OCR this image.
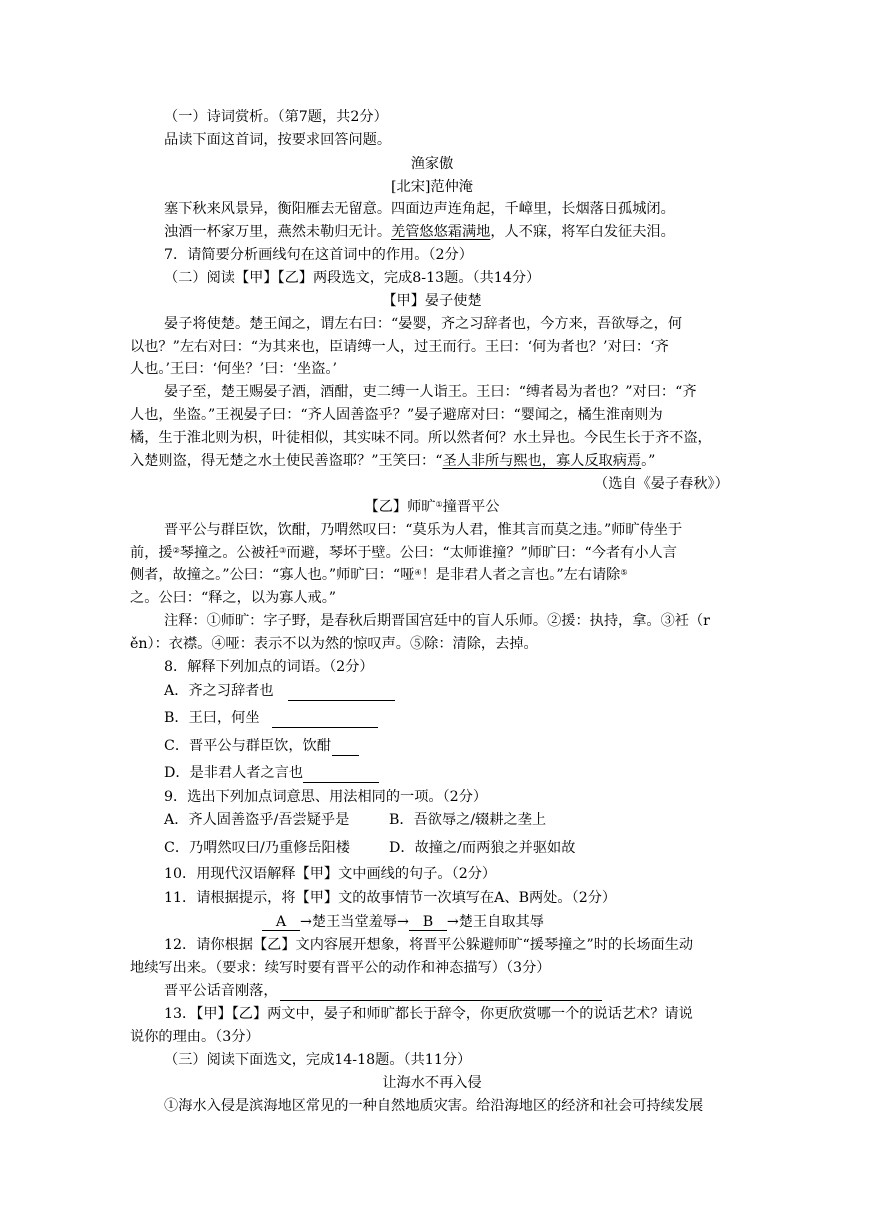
（一）诗词赏析。（第7题，共2分）
品读下面这首词，按要求回答问题。
渔家傲
[北宋]范仲淹
塞下秋来风景异，衡阳雁去无留意。四面边声连角起，千嶂里，长烟落日孤城闭。
浊酒一杯家万里，燕然未勒归无计。羌管悠悠霜满地，人不寐，将军白发征夫泪。
7．请简要分析画线句在这首词中的作用。（2分）
（二）阅读【甲】【乙】两段选文，完成8-13题。（共14分）
【甲】晏子使楚
晏子将使楚。楚王闻之，谓左右曰：“晏婴，齐之习辞者也，今方来，吾欲辱之，何
以也？”左右对曰：“为其来也，臣请缚一人，过王而行。王曰：‘何为者也？’对曰：‘齐
人也。’王曰：‘何坐？’曰：‘坐盗。’
晏子至，楚王赐晏子酒，酒酣，吏二缚一人诣王。王曰：“缚者曷为者也？”对曰：“齐
人也，坐盗。”王视晏子曰：“齐人固善盗乎？”晏子避席对曰：“婴闻之，橘生淮南则为
橘，生于淮北则为枳，叶徒相似，其实味不同。所以然者何？水土异也。今民生长于齐不盗，
入楚则盗，得无楚之水土使民善盗耶？”王笑曰：“圣人非所与熙也，寡人反取病焉。”
（选自《晏子春秋》）
【乙】师旷①撞晋平公
晋平公与群臣饮，饮酣，乃喟然叹曰：“莫乐为人君，惟其言而莫之违。”师旷侍坐于
前，援②琴撞之。公被衽③而避，琴坏于壁。公曰：“太师谁撞？”师旷曰：“今者有小人言
侧者，故撞之。”公曰：“寡人也。”师旷曰：“哑④！是非君人者之言也。”左右请除⑤
之。公曰：“释之，以为寡人戒。”
注释：①师旷：字子野，是春秋后期晋国宫廷中的盲人乐师。②援：执持，拿。③衽（r
ěn）：衣襟。④哑：表示不以为然的惊叹声。⑤除：清除，去掉。
8．解释下列加点的词语。（2分）
A．齐之习辞者也
B．王曰，何坐
C．晋平公与群臣饮，饮酣
D．是非君人者之言也
9．选出下列加点词意思、用法相同的一项。（2分）
A．齐人固善盗乎/吾尝疑乎是	B．吾欲辱之/辍耕之垄上
C．乃喟然叹曰/乃重修岳阳楼	D．故撞之/而两狼之并驱如故
10．用现代汉语解释【甲】文中画线的句子。（2分）
11．请根据提示，将【甲】文的故事情节一次填写在A、B两处。（2分）
A →楚王当堂羞辱→ B →楚王自取其辱
12．请你根据【乙】文内容展开想象，将晋平公躲避师旷“援琴撞之”时的长场面生动
地续写出来。（要求：续写时要有晋平公的动作和神态描写）（3分）
晋平公话音刚落，
13．【甲】【乙】两文中，晏子和师旷都长于辞令，你更欣赏哪一个的说话艺术？请说
说你的理由。（3分）
（三）阅读下面选文，完成14-18题。（共11分）
让海水不再入侵
①海水入侵是滨海地区常见的一种自然地质灾害。给沿海地区的经济和社会可持续发展
